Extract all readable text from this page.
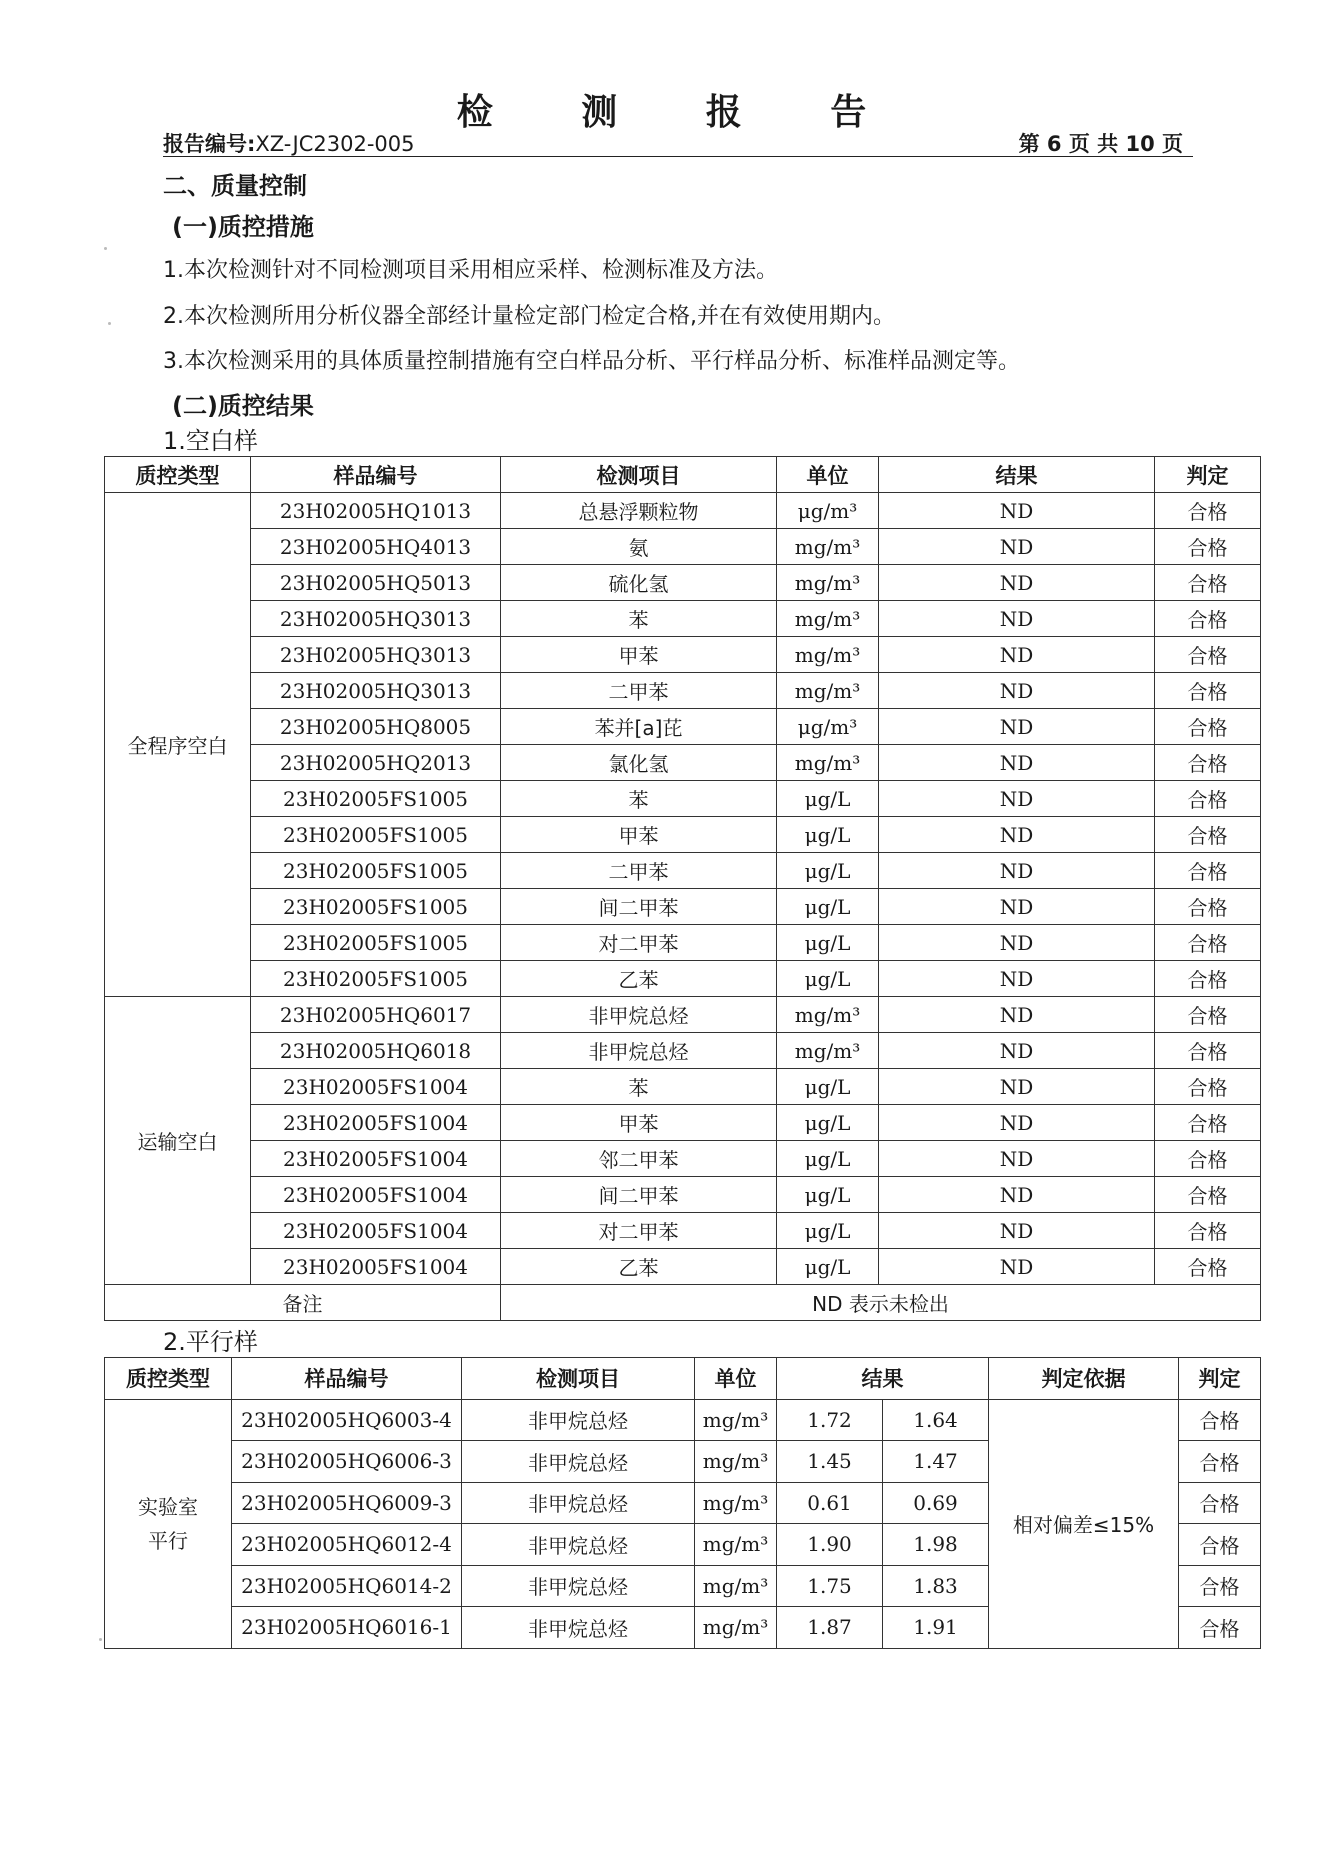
检 测 报 告
报告编号:XZ-JC2302-005	第 6 页 共 10 页
二、质量控制
(一)质控措施
1.本次检测针对不同检测项目采用相应采样、检测标准及方法。
2.本次检测所用分析仪器全部经计量检定部门检定合格,并在有效使用期内。
3.本次检测采用的具体质量控制措施有空白样品分析、平行样品分析、标准样品测定等。
(二)质控结果
1.空白样
质控类型	样品编号	检测项目	单位	结果	判定
全程序空白	23H02005HQ1013	总悬浮颗粒物	μg/m³	ND	合格
	23H02005HQ4013	氨	mg/m³	ND	合格
	23H02005HQ5013	硫化氢	mg/m³	ND	合格
	23H02005HQ3013	苯	mg/m³	ND	合格
	23H02005HQ3013	甲苯	mg/m³	ND	合格
	23H02005HQ3013	二甲苯	mg/m³	ND	合格
	23H02005HQ8005	苯并[a]芘	μg/m³	ND	合格
	23H02005HQ2013	氯化氢	mg/m³	ND	合格
	23H02005FS1005	苯	μg/L	ND	合格
	23H02005FS1005	甲苯	μg/L	ND	合格
	23H02005FS1005	二甲苯	μg/L	ND	合格
	23H02005FS1005	间二甲苯	μg/L	ND	合格
	23H02005FS1005	对二甲苯	μg/L	ND	合格
	23H02005FS1005	乙苯	μg/L	ND	合格
运输空白	23H02005HQ6017	非甲烷总烃	mg/m³	ND	合格
	23H02005HQ6018	非甲烷总烃	mg/m³	ND	合格
	23H02005FS1004	苯	μg/L	ND	合格
	23H02005FS1004	甲苯	μg/L	ND	合格
	23H02005FS1004	邻二甲苯	μg/L	ND	合格
	23H02005FS1004	间二甲苯	μg/L	ND	合格
	23H02005FS1004	对二甲苯	μg/L	ND	合格
	23H02005FS1004	乙苯	μg/L	ND	合格
备注		ND 表示未检出			
2.平行样
质控类型	样品编号	检测项目	单位	结果		判定依据	判定

实验室
平行	23H02005HQ6003-4	非甲烷总烃	mg/m³	1.72	1.64	相对偏差≤15%	合格
	23H02005HQ6006-3	非甲烷总烃	mg/m³	1.45	1.47		合格
	23H02005HQ6009-3	非甲烷总烃	mg/m³	0.61	0.69		合格
	23H02005HQ6012-4	非甲烷总烃	mg/m³	1.90	1.98		合格
	23H02005HQ6014-2	非甲烷总烃	mg/m³	1.75	1.83		合格
	23H02005HQ6016-1	非甲烷总烃	mg/m³	1.87	1.91		合格
